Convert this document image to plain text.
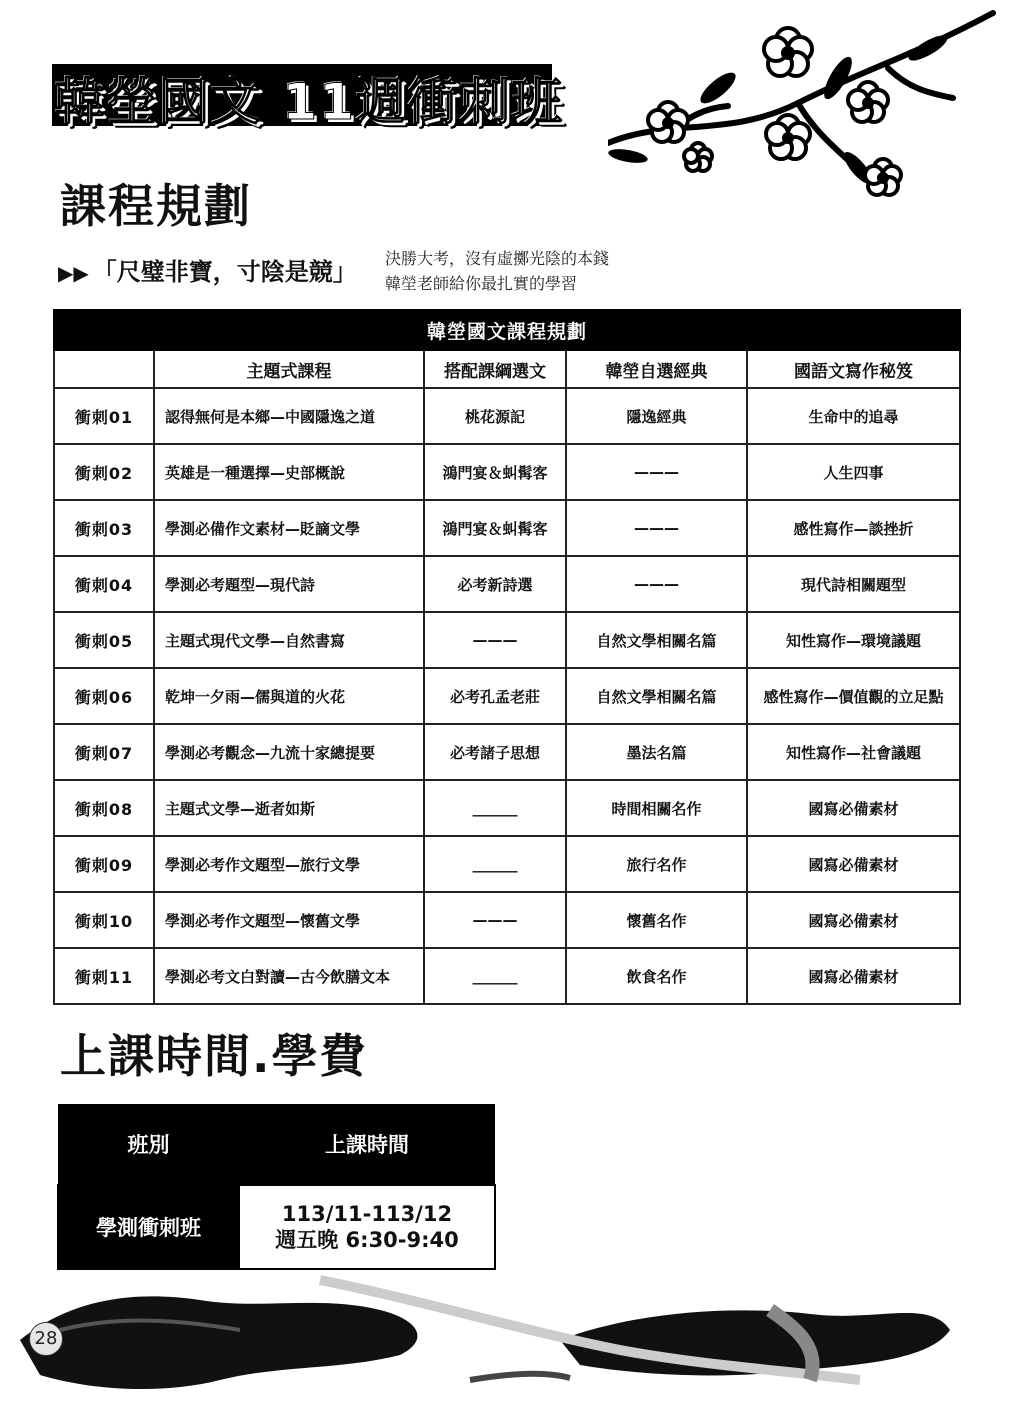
韓塋國文 11週衝刺班
課程規劃
▶▶ 「尺璧非寶，寸陰是競」 決勝大考，沒有虛擲光陰的本錢
韓塋老師給你最扎實的學習
韓塋國文課程規劃				
	主題式課程	搭配課綱選文	韓塋自選經典	國語文寫作秘笈
衝刺01	認得無何是本鄉—中國隱逸之道	桃花源記	隱逸經典	生命中的追尋
衝刺02	英雄是一種選擇—史部概說	鴻門宴＆虯髯客	———	人生四事
衝刺03	學測必備作文素材—貶謫文學	鴻門宴＆虯髯客	———	感性寫作—談挫折
衝刺04	學測必考題型—現代詩	必考新詩選	———	現代詩相關題型
衝刺05	主題式現代文學—自然書寫	———	自然文學相關名篇	知性寫作—環境議題
衝刺06	乾坤一夕雨—儒與道的火花	必考孔孟老莊	自然文學相關名篇	感性寫作—價值觀的立足點
衝刺07	學測必考觀念—九流十家總提要	必考諸子思想	墨法名篇	知性寫作—社會議題
衝刺08	主題式文學—逝者如斯	______	時間相關名作	國寫必備素材
衝刺09	學測必考作文題型—旅行文學	______	旅行名作	國寫必備素材
衝刺10	學測必考作文題型—懷舊文學	———	懷舊名作	國寫必備素材
衝刺11	學測必考文白對讀—古今飲膳文本	______	飲食名作	國寫必備素材
上課時間.學費
班別	上課時間
學測衝刺班	113/11-113/12
週五晚 6:30-9:40
28
